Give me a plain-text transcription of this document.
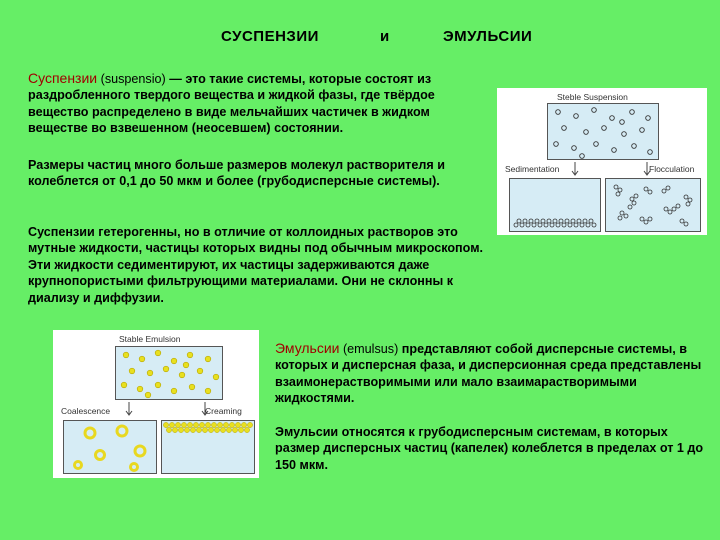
СУСПЕНЗИИ	и	ЭМУЛЬСИИ

Суспензии (suspensio) — это такие системы, которые состоят из раздробленного твердого вещества и жидкой фазы, где твёрдое вещество распределено в виде мельчайших частичек в жидком веществе во взвешенном (неосевшем) состоянии.

Размеры частиц много больше размеров молекул растворителя и колеблется от 0,1 до 50 мкм и более (грубодисперсные системы).

Суспензии гетерогенны, но в отличие от коллоидных растворов это мутные жидкости, частицы которых видны под обычным микроскопом. Эти жидкости седиментируют, их частицы задерживаются даже крупнопористыми фильтрующими материалами. Они не склонны к диализу и диффузии.

Steble Suspension
Sedimentation	Flocculation
Stable Emulsion
Coalescence	Creaming

Эмульсии (emulsus) представляют собой дисперсные системы, в которых и дисперсная фаза, и дисперсионная среда представлены взаимонерастворимыми или мало взаимарастворимыми жидкостями.

Эмульсии относятся к грубодисперсным системам, в которых размер дисперсных частиц (капелек) колеблется в пределах от 1 до 150 мкм.
